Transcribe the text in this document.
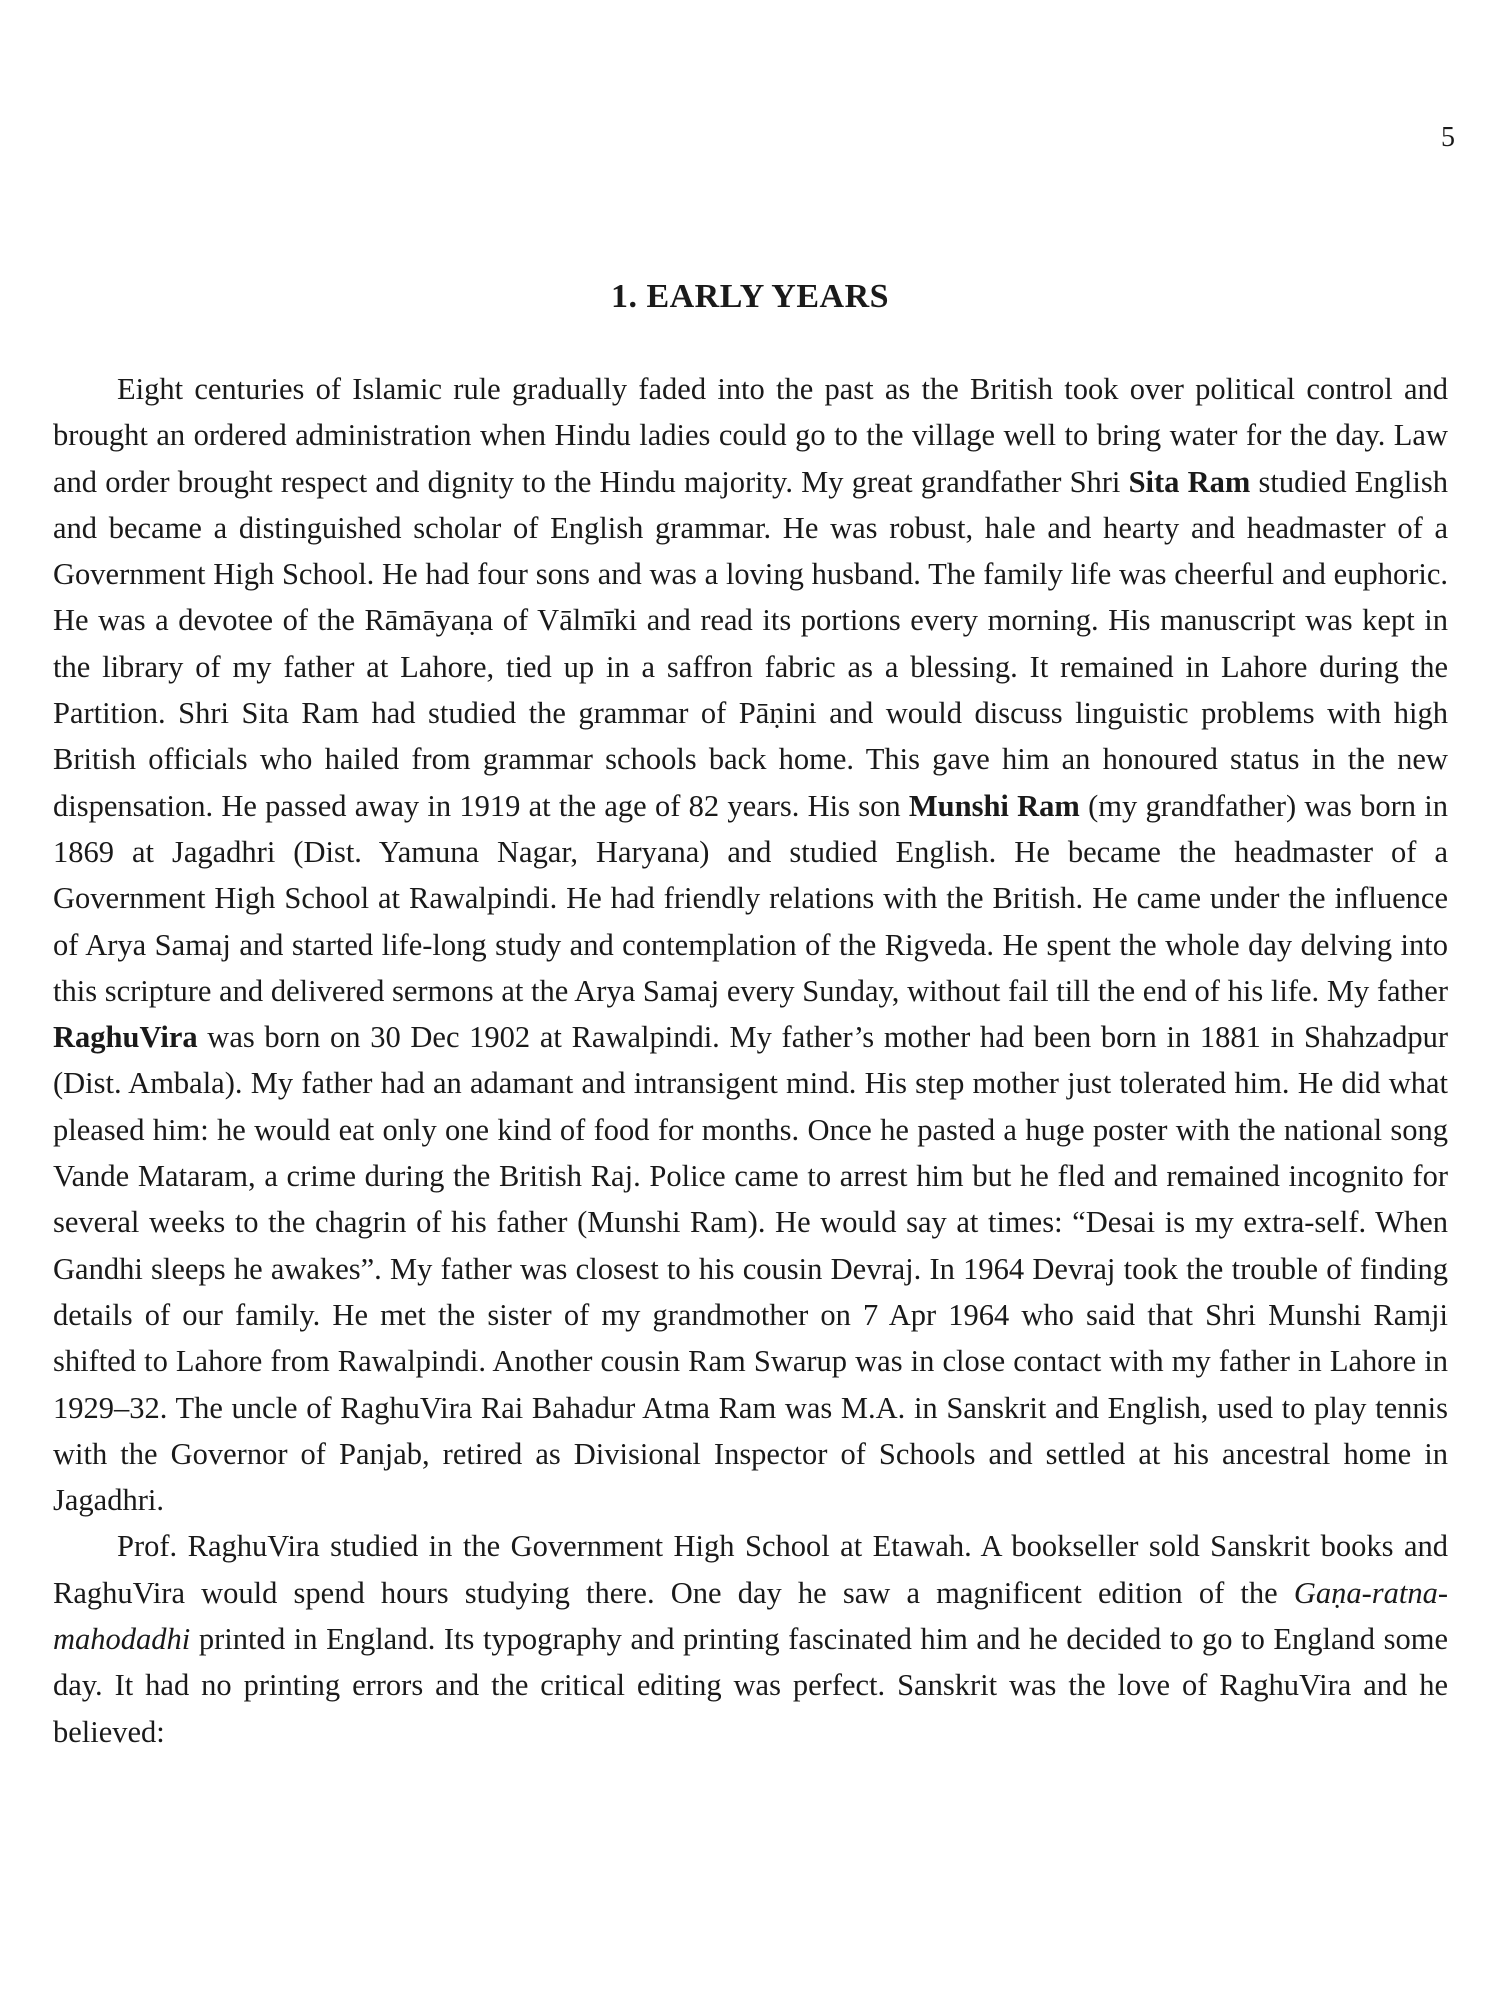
5
1. EARLY YEARS

Eight centuries of Islamic rule gradually faded into the past as the British took over political control and brought an ordered administration when Hindu ladies could go to the village well to bring water for the day. Law and order brought respect and dignity to the Hindu majority. My great grandfather Shri Sita Ram studied English and became a distinguished scholar of English grammar. He was robust, hale and hearty and headmaster of a Government High School. He had four sons and was a loving husband. The family life was cheerful and euphoric. He was a devotee of the Rāmāyaṇa of Vālmīki and read its portions every morning. His manuscript was kept in the library of my father at Lahore, tied up in a saffron fabric as a blessing. It remained in Lahore during the Partition. Shri Sita Ram had studied the grammar of Pāṇini and would discuss linguistic problems with high British officials who hailed from grammar schools back home. This gave him an honoured status in the new dispensation. He passed away in 1919 at the age of 82 years. His son Munshi Ram (my grandfather) was born in 1869 at Jagadhri (Dist. Yamuna Nagar, Haryana) and studied English. He became the headmaster of a Government High School at Rawalpindi. He had friendly relations with the British. He came under the influence of Arya Samaj and started life-long study and contemplation of the Rigveda. He spent the whole day delving into this scripture and delivered sermons at the Arya Samaj every Sunday, without fail till the end of his life. My father RaghuVira was born on 30 Dec 1902 at Rawalpindi. My father’s mother had been born in 1881 in Shahzadpur (Dist. Ambala). My father had an adamant and intransigent mind. His step mother just tolerated him. He did what pleased him: he would eat only one kind of food for months. Once he pasted a huge poster with the national song Vande Mataram, a crime during the British Raj. Police came to arrest him but he fled and remained incognito for several weeks to the chagrin of his father (Munshi Ram). He would say at times: “Desai is my extra-self. When Gandhi sleeps he awakes”. My father was closest to his cousin Devraj. In 1964 Devraj took the trouble of finding details of our family. He met the sister of my grandmother on 7 Apr 1964 who said that Shri Munshi Ramji shifted to Lahore from Rawalpindi. Another cousin Ram Swarup was in close contact with my father in Lahore in 1929–32. The uncle of RaghuVira Rai Bahadur Atma Ram was M.A. in Sanskrit and English, used to play tennis with the Governor of Panjab, retired as Divisional Inspector of Schools and settled at his ancestral home in Jagadhri.

Prof. RaghuVira studied in the Government High School at Etawah. A bookseller sold Sanskrit books and RaghuVira would spend hours studying there. One day he saw a magnificent edition of the Gaṇa-ratna-mahodadhi printed in England. Its typography and printing fascinated him and he decided to go to England some day. It had no printing errors and the critical editing was perfect. Sanskrit was the love of RaghuVira and he believed:
